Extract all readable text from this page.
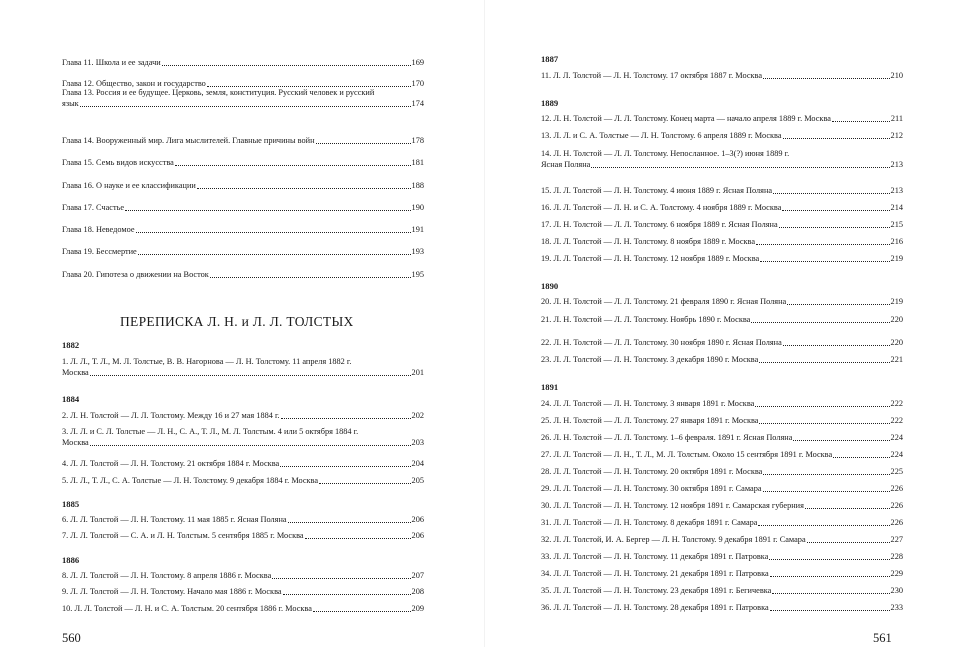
Глава 11. Школа и ее задачи	169
Глава 12. Общество, закон и государство	170
Глава 13. Россия и ее будущее. Церковь, земля, конституция. Русский человек и русский
язык	174
Глава 14. Вооруженный мир. Лига мыслителей. Главные причины войн	178
Глава 15. Семь видов искусства	181
Глава 16. О науке и ее классификации	188
Глава 17. Счастье	190
Глава 18. Неведомое	191
Глава 19. Бессмертие	193
Глава 20. Гипотеза о движении на Восток	195
ПЕРЕПИСКА Л. Н. и Л. Л. ТОЛСТЫХ
1882
1. Л. Л., Т. Л., М. Л. Толстые, В. В. Нагорнова — Л. Н. Толстому. 11 апреля 1882 г.
Москва	201
1884
2. Л. Н. Толстой — Л. Л. Толстому. Между 16 и 27 мая 1884 г.	202
3. Л. Л. и С. Л. Толстые — Л. Н., С. А., Т. Л., М. Л. Толстым. 4 или 5 октября 1884 г.
Москва	203
4. Л. Л. Толстой — Л. Н. Толстому. 21 октября 1884 г. Москва	204
5. Л. Л., Т. Л., С. А. Толстые — Л. Н. Толстому. 9 декабря 1884 г. Москва	205
1885
6. Л. Л. Толстой — Л. Н. Толстому. 11 мая 1885 г. Ясная Поляна	206
7. Л. Л. Толстой — С. А. и Л. Н. Толстым. 5 сентября 1885 г. Москва	206
1886
8. Л. Л. Толстой — Л. Н. Толстому. 8 апреля 1886 г. Москва	207
9. Л. Л. Толстой — Л. Н. Толстому. Начало мая 1886 г. Москва	208
10. Л. Л. Толстой — Л. Н. и С. А. Толстым. 20 сентября 1886 г. Москва	209
560
1887
11. Л. Л. Толстой — Л. Н. Толстому. 17 октября 1887 г. Москва	210
1889
12. Л. Н. Толстой — Л. Л. Толстому. Конец марта — начало апреля 1889 г. Москва	211
13. Л. Л. и С. А. Толстые — Л. Н. Толстому. 6 апреля 1889 г. Москва	212
14. Л. Н. Толстой — Л. Л. Толстому. Непосланное. 1–3(?) июня 1889 г.
Ясная Поляна	213
15. Л. Л. Толстой — Л. Н. Толстому. 4 июня 1889 г. Ясная Поляна	213
16. Л. Л. Толстой — Л. Н. и С. А. Толстому. 4 ноября 1889 г. Москва	214
17. Л. Н. Толстой — Л. Л. Толстому. 6 ноября 1889 г. Ясная Поляна	215
18. Л. Л. Толстой — Л. Н. Толстому. 8 ноября 1889 г. Москва	216
19. Л. Л. Толстой — Л. Н. Толстому. 12 ноября 1889 г. Москва	219
1890
20. Л. Н. Толстой — Л. Л. Толстому. 21 февраля 1890 г. Ясная Поляна	219
21. Л. Н. Толстой — Л. Л. Толстому. Ноябрь 1890 г. Москва	220
22. Л. Н. Толстой — Л. Л. Толстому. 30 ноября 1890 г. Ясная Поляна	220
23. Л. Л. Толстой — Л. Н. Толстому. 3 декабря 1890 г. Москва	221
1891
24. Л. Л. Толстой — Л. Н. Толстому. 3 января 1891 г. Москва	222
25. Л. Н. Толстой — Л. Л. Толстому. 27 января 1891 г. Москва	222
26. Л. Н. Толстой — Л. Л. Толстому. 1–6 февраля. 1891 г. Ясная Поляна	224
27. Л. Л. Толстой — Л. Н., Т. Л., М. Л. Толстым. Около 15 сентября 1891 г. Москва	224
28. Л. Л. Толстой — Л. Н. Толстому. 20 октября 1891 г. Москва	225
29. Л. Л. Толстой — Л. Н. Толстому. 30 октября 1891 г. Самара	226
30. Л. Л. Толстой — Л. Н. Толстому. 12 ноября 1891 г. Самарская губерния	226
31. Л. Л. Толстой — Л. Н. Толстому. 8 декабря 1891 г. Самара	226
32. Л. Л. Толстой, И. А. Бергер — Л. Н. Толстому. 9 декабря 1891 г. Самара	227
33. Л. Л. Толстой — Л. Н. Толстому. 11 декабря 1891 г. Патровка	228
34. Л. Л. Толстой — Л. Н. Толстому. 21 декабря 1891 г. Патровка	229
35. Л. Л. Толстой — Л. Н. Толстому. 23 декабря 1891 г. Бегичевка	230
36. Л. Л. Толстой — Л. Н. Толстому. 28 декабря 1891 г. Патровка	233
561
